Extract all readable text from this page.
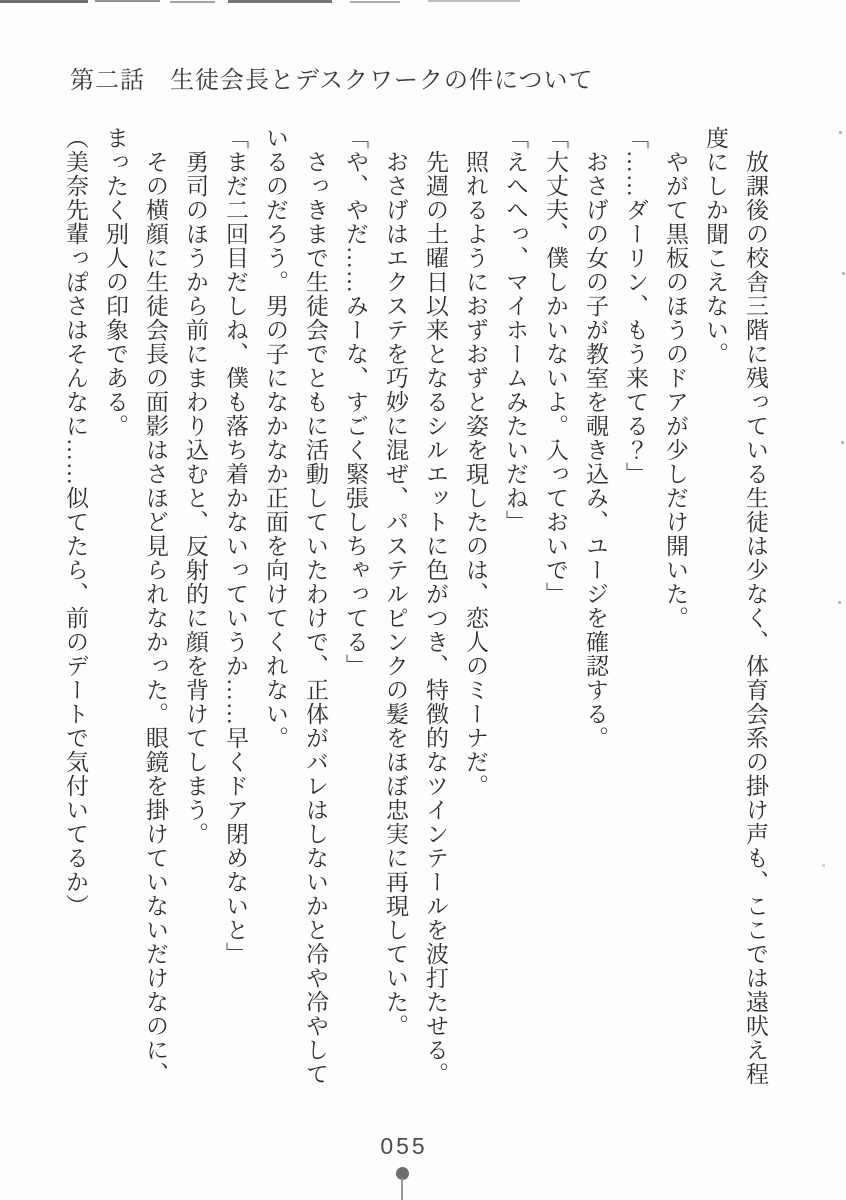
第二話　生徒会長とデスクワークの件について
　放課後の校舎三階に残っている生徒は少なく、体育会系の掛け声も、ここでは遠吠え程
度にしか聞こえない。
　やがて黒板のほうのドアが少しだけ開いた。
「……ダーリン、もう来てる？」
　おさげの女の子が教室を覗き込み、ユージを確認する。
「大丈夫、僕しかいないよ。入っておいで」
「えへへっ、マイホームみたいだね」
　照れるようにおずおずと姿を現したのは、恋人のミーナだ。
　先週の土曜日以来となるシルエットに色がつき、特徴的なツインテールを波打たせる。
　おさげはエクステを巧妙に混ぜ、パステルピンクの髪をほぼ忠実に再現していた。
「や、やだ……みーな、すごく緊張しちゃってる」
　さっきまで生徒会でともに活動していたわけで、正体がバレはしないかと冷や冷やして
いるのだろう。男の子になかなか正面を向けてくれない。
「まだ二回目だしね、僕も落ち着かないっていうか……早くドア閉めないと」
　勇司のほうから前にまわり込むと、反射的に顔を背けてしまう。
　その横顔に生徒会長の面影はさほど見られなかった。眼鏡を掛けていないだけなのに、
まったく別人の印象である。
（美奈先輩っぽさはそんなに……似てたら、前のデートで気付いてるか）
055
